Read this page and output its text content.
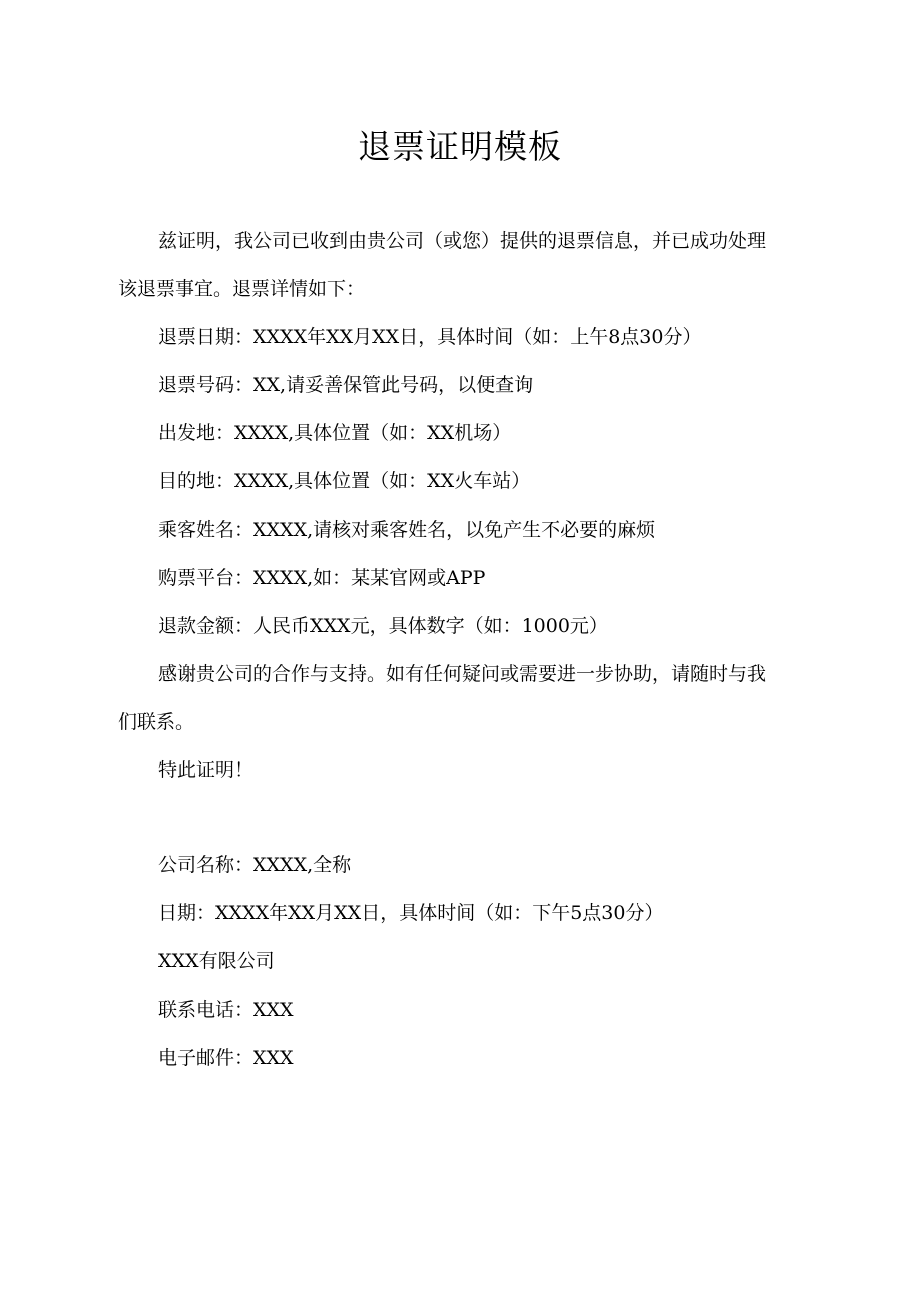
退票证明模板

兹证明，我公司已收到由贵公司（或您）提供的退票信息，并已成功处理

该退票事宜。退票详情如下：

退票日期：XXXX年XX月XX日，具体时间（如：上午8点30分）

退票号码：XX,请妥善保管此号码，以便查询

出发地：XXXX,具体位置（如：XX机场）

目的地：XXXX,具体位置（如：XX火车站）

乘客姓名：XXXX,请核对乘客姓名，以免产生不必要的麻烦

购票平台：XXXX,如：某某官网或APP

退款金额：人民币XXX元，具体数字（如：1000元）

感谢贵公司的合作与支持。如有任何疑问或需要进一步协助，请随时与我

们联系。

特此证明！

公司名称：XXXX,全称

日期：XXXX年XX月XX日，具体时间（如：下午5点30分）

XXX有限公司

联系电话：XXX

电子邮件：XXX
